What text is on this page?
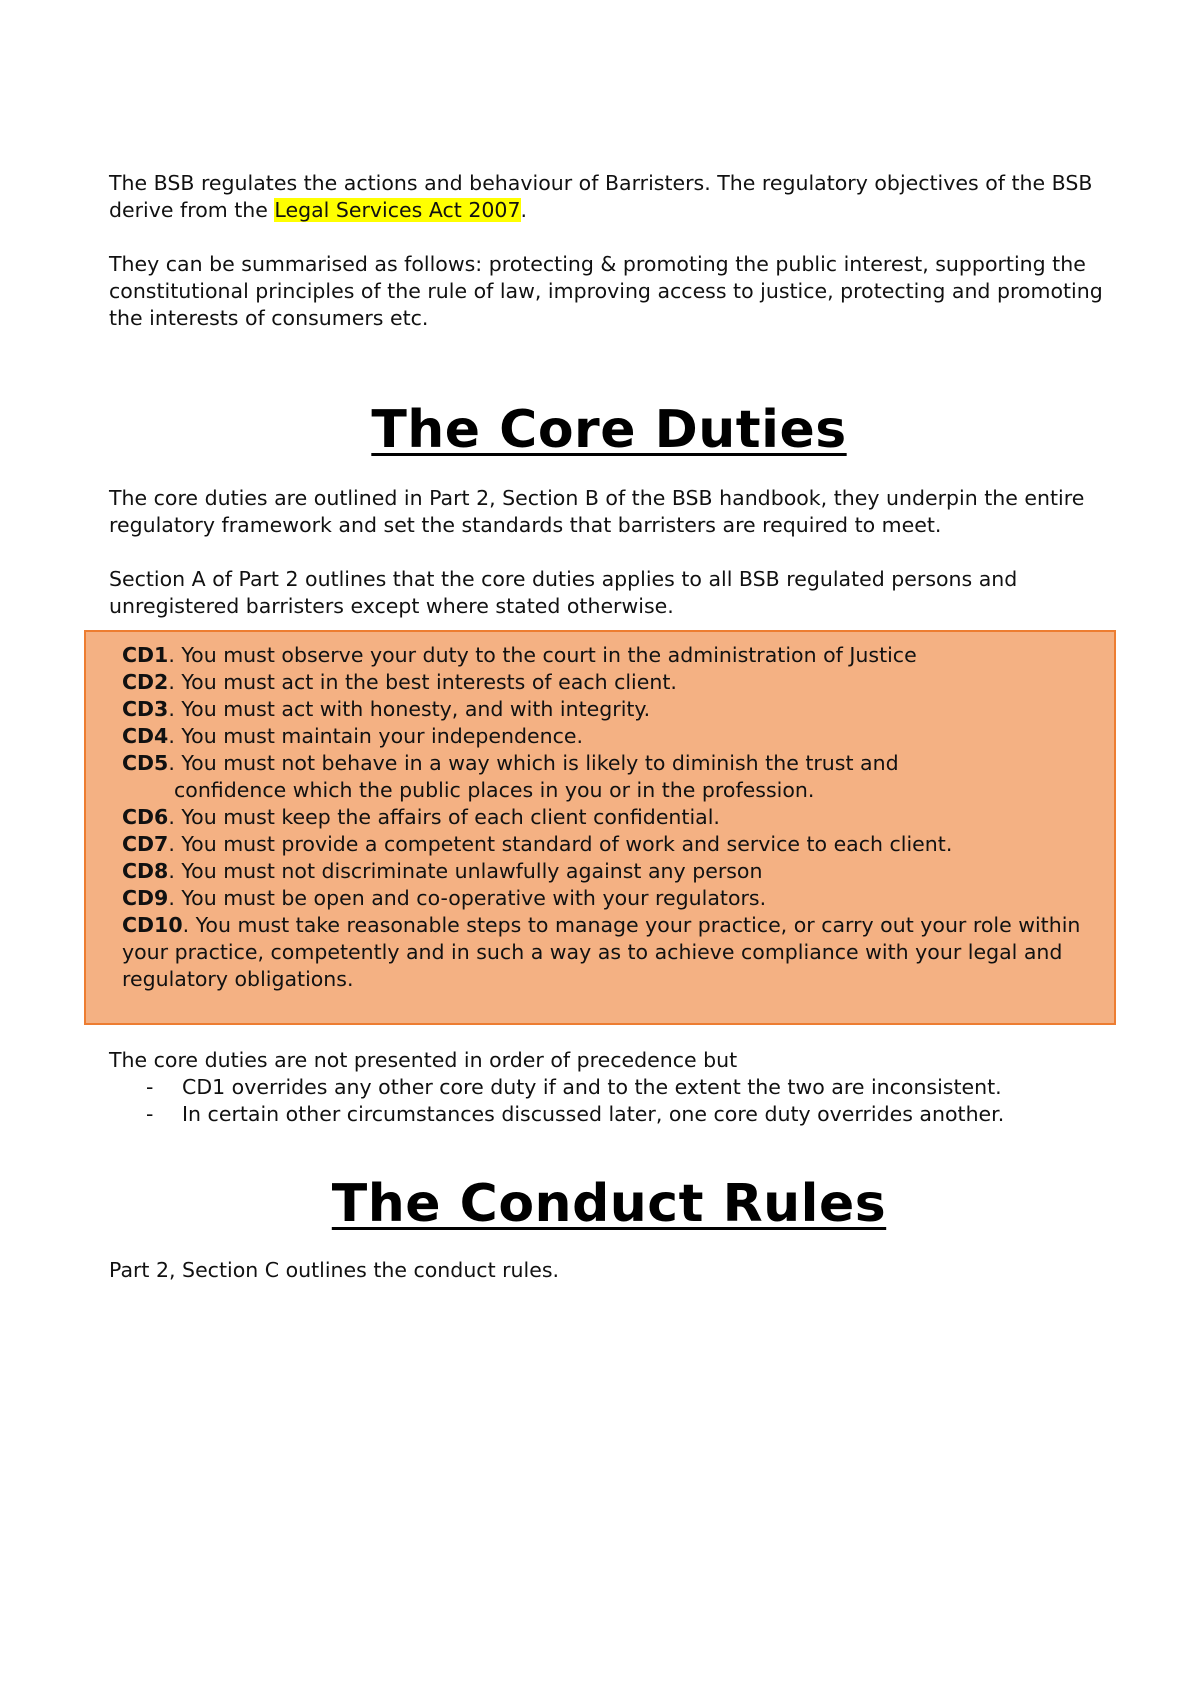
The BSB regulates the actions and behaviour of Barristers. The regulatory objectives of the BSB derive from the Legal Services Act 2007.

They can be summarised as follows: protecting & promoting the public interest, supporting the constitutional principles of the rule of law, improving access to justice, protecting and promoting the interests of consumers etc.

The Core Duties

The core duties are outlined in Part 2, Section B of the BSB handbook, they underpin the entire regulatory framework and set the standards that barristers are required to meet.

Section A of Part 2 outlines that the core duties applies to all BSB regulated persons and unregistered barristers except where stated otherwise.

CD1. You must observe your duty to the court in the administration of Justice
CD2. You must act in the best interests of each client.
CD3. You must act with honesty, and with integrity.
CD4. You must maintain your independence.
CD5. You must not behave in a way which is likely to diminish the trust and
confidence which the public places in you or in the profession.
CD6. You must keep the affairs of each client confidential.
CD7. You must provide a competent standard of work and service to each client.
CD8. You must not discriminate unlawfully against any person
CD9. You must be open and co-operative with your regulators.
CD10. You must take reasonable steps to manage your practice, or carry out your role within your practice, competently and in such a way as to achieve compliance with your legal and regulatory obligations.

The core duties are not presented in order of precedence but

- CD1 overrides any other core duty if and to the extent the two are inconsistent.
- In certain other circumstances discussed later, one core duty overrides another.
The Conduct Rules

Part 2, Section C outlines the conduct rules.
